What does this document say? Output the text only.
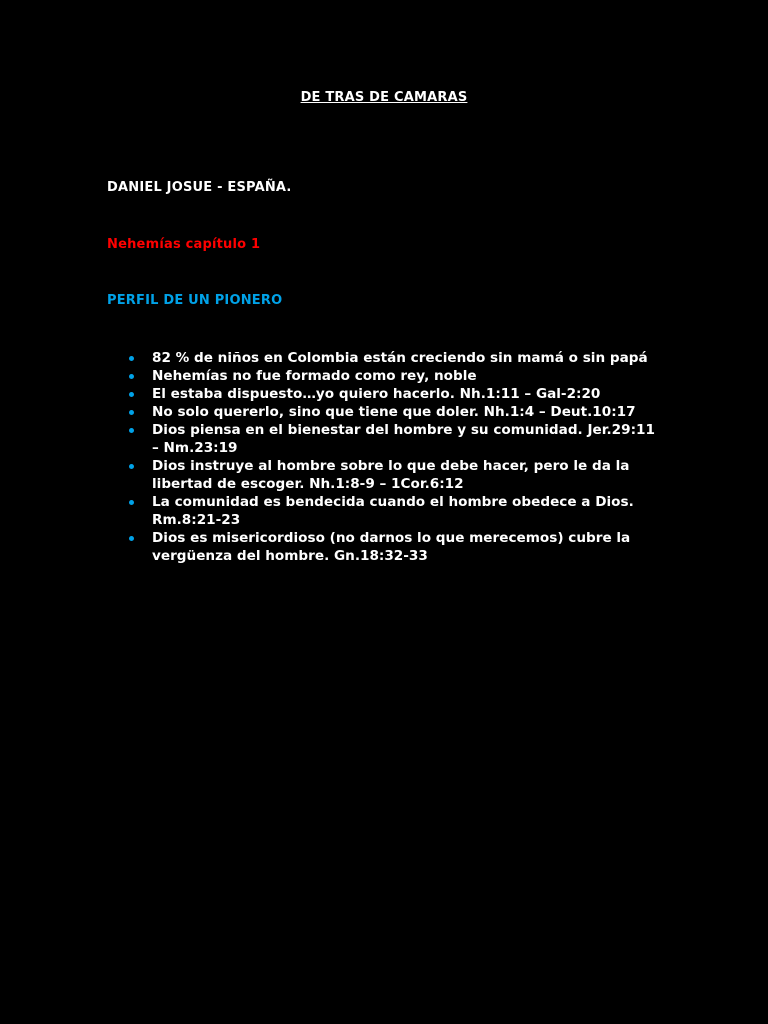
DE TRAS DE CAMARAS
DANIEL JOSUE - ESPAÑA.
Nehemías capítulo 1
PERFIL DE UN PIONERO
82 % de niños en Colombia están creciendo sin mamá o sin papá
Nehemías no fue formado como rey, noble
El estaba dispuesto…yo quiero hacerlo. Nh.1:11 – Gal-2:20
No solo quererlo, sino que tiene que doler. Nh.1:4 – Deut.10:17
Dios piensa en el bienestar del hombre y su comunidad. Jer.29:11 – Nm.23:19
Dios instruye al hombre sobre lo que debe hacer, pero le da la libertad de escoger. Nh.1:8-9 – 1Cor.6:12
La comunidad es bendecida cuando el hombre obedece a Dios. Rm.8:21-23
Dios es misericordioso (no darnos lo que merecemos) cubre la vergüenza del hombre. Gn.18:32-33
